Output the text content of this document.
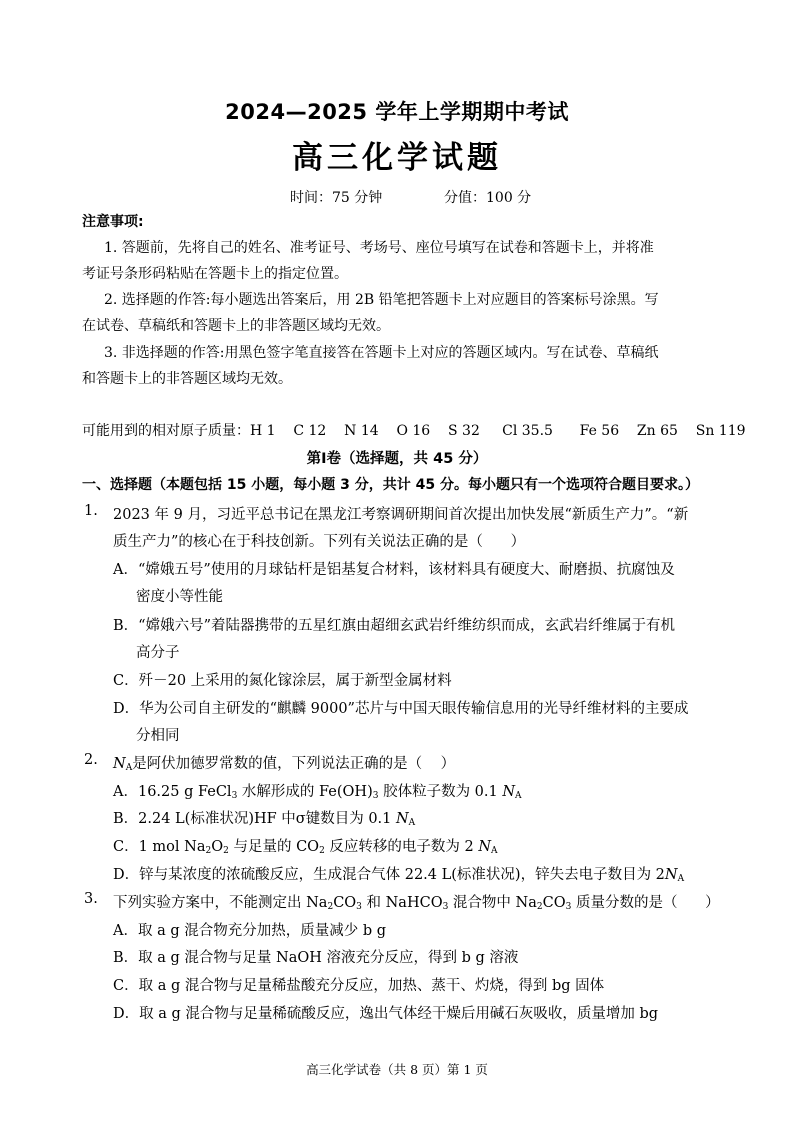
2024—2025 学年上学期期中考试
高三化学试题
时间：75 分钟	分值：100 分
注意事项:
1. 答题前，先将自己的姓名、准考证号、考场号、座位号填写在试卷和答题卡上，并将准
考证号条形码粘贴在答题卡上的指定位置。
2. 选择题的作答:每小题选出答案后，用 2B 铅笔把答题卡上对应题目的答案标号涂黑。写
在试卷、草稿纸和答题卡上的非答题区域均无效。
3. 非选择题的作答:用黑色签字笔直接答在答题卡上对应的答题区域内。写在试卷、草稿纸
和答题卡上的非答题区域均无效。
可能用到的相对原子质量：H 1    C 12    N 14    O 16    S 32     Cl 35.5      Fe 56    Zn 65    Sn 119
第Ⅰ卷（选择题，共 45 分）
一、选择题（本题包括 15 小题，每小题 3 分，共计 45 分。每小题只有一个选项符合题目要求。）
1. 2023 年 9 月，习近平总书记在黑龙江考察调研期间首次提出加快发展“新质生产力”。“新
质生产力”的核心在于科技创新。下列有关说法正确的是（      ）
A．“嫦娥五号”使用的月球钻杆是铝基复合材料，该材料具有硬度大、耐磨损、抗腐蚀及
密度小等性能
B．“嫦娥六号”着陆器携带的五星红旗由超细玄武岩纤维纺织而成，玄武岩纤维属于有机
高分子
C．歼－20 上采用的氮化镓涂层，属于新型金属材料
D．华为公司自主研发的“麒麟 9000”芯片与中国天眼传输信息用的光导纤维材料的主要成
分相同
2. $N_A$是阿伏加德罗常数的值，下列说法正确的是（    ）
A．16.25 g FeCl$_3$ 水解形成的 $Fe(OH)_3$ 胶体粒子数为 0.1 $N_A$
B．2.24 L(标准状况)HF 中σ键数目为 0.1 $N_A$
C．1 mol $Na_2O_2$ 与足量的 $CO_2$ 反应转移的电子数为 2 $N_A$
D．锌与某浓度的浓硫酸反应，生成混合气体 22.4 L(标准状况)，锌失去电子数目为 $2N_A$
3. 下列实验方案中，不能测定出 $Na_2CO_3$ 和 NaHCO$_3$ 混合物中 $Na_2CO_3$ 质量分数的是（      ）
A．取 a g 混合物充分加热，质量减少 b g
B．取 a g 混合物与足量 NaOH 溶液充分反应，得到 b g 溶液
C．取 a g 混合物与足量稀盐酸充分反应，加热、蒸干、灼烧，得到 bg 固体
D．取 a g 混合物与足量稀硫酸反应，逸出气体经干燥后用碱石灰吸收，质量增加 bg
高三化学试卷（共 8 页）第 1 页
